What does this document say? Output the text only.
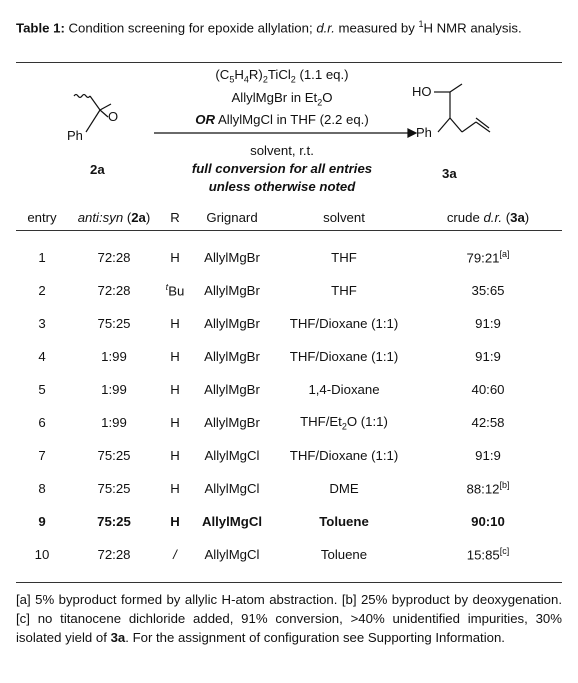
Table 1: Condition screening for epoxide allylation; d.r. measured by $^1$H NMR analysis.
O
Ph
2a
$(C_5H_4R)_2TiCl_2$ (1.1 eq.)
AllylMgBr in $Et_2O$
OR AllylMgCl in THF (2.2 eq.)
solvent, r.t.
full conversion for all entries
unless otherwise noted
HO
Ph
3a
entry	anti:syn (2a)	R	Grignard	solvent	crude d.r. (3a)
1	72:28	H	AllylMgBr	THF	79:21[a]
2	72:28	$^t$Bu	AllylMgBr	THF	35:65
3	75:25	H	AllylMgBr	THF/Dioxane (1:1)	91:9
4	1:99	H	AllylMgBr	THF/Dioxane (1:1)	91:9
5	1:99	H	AllylMgBr	1,4-Dioxane	40:60
6	1:99	H	AllylMgBr	THF/$Et_2O$ (1:1)	42:58
7	75:25	H	AllylMgCl	THF/Dioxane (1:1)	91:9
8	75:25	H	AllylMgCl	DME	88:12[b]
9	75:25	H	AllylMgCl	Toluene	90:10
10	72:28	/	AllylMgCl	Toluene	15:85[c]
[a] 5% byproduct formed by allylic H-atom abstraction. [b] 25% byproduct by deoxygenation. [c] no titanocene dichloride added, 91% conversion, >40% unidentified impurities, 30% isolated yield of 3a. For the assignment of configuration see Supporting Information.
